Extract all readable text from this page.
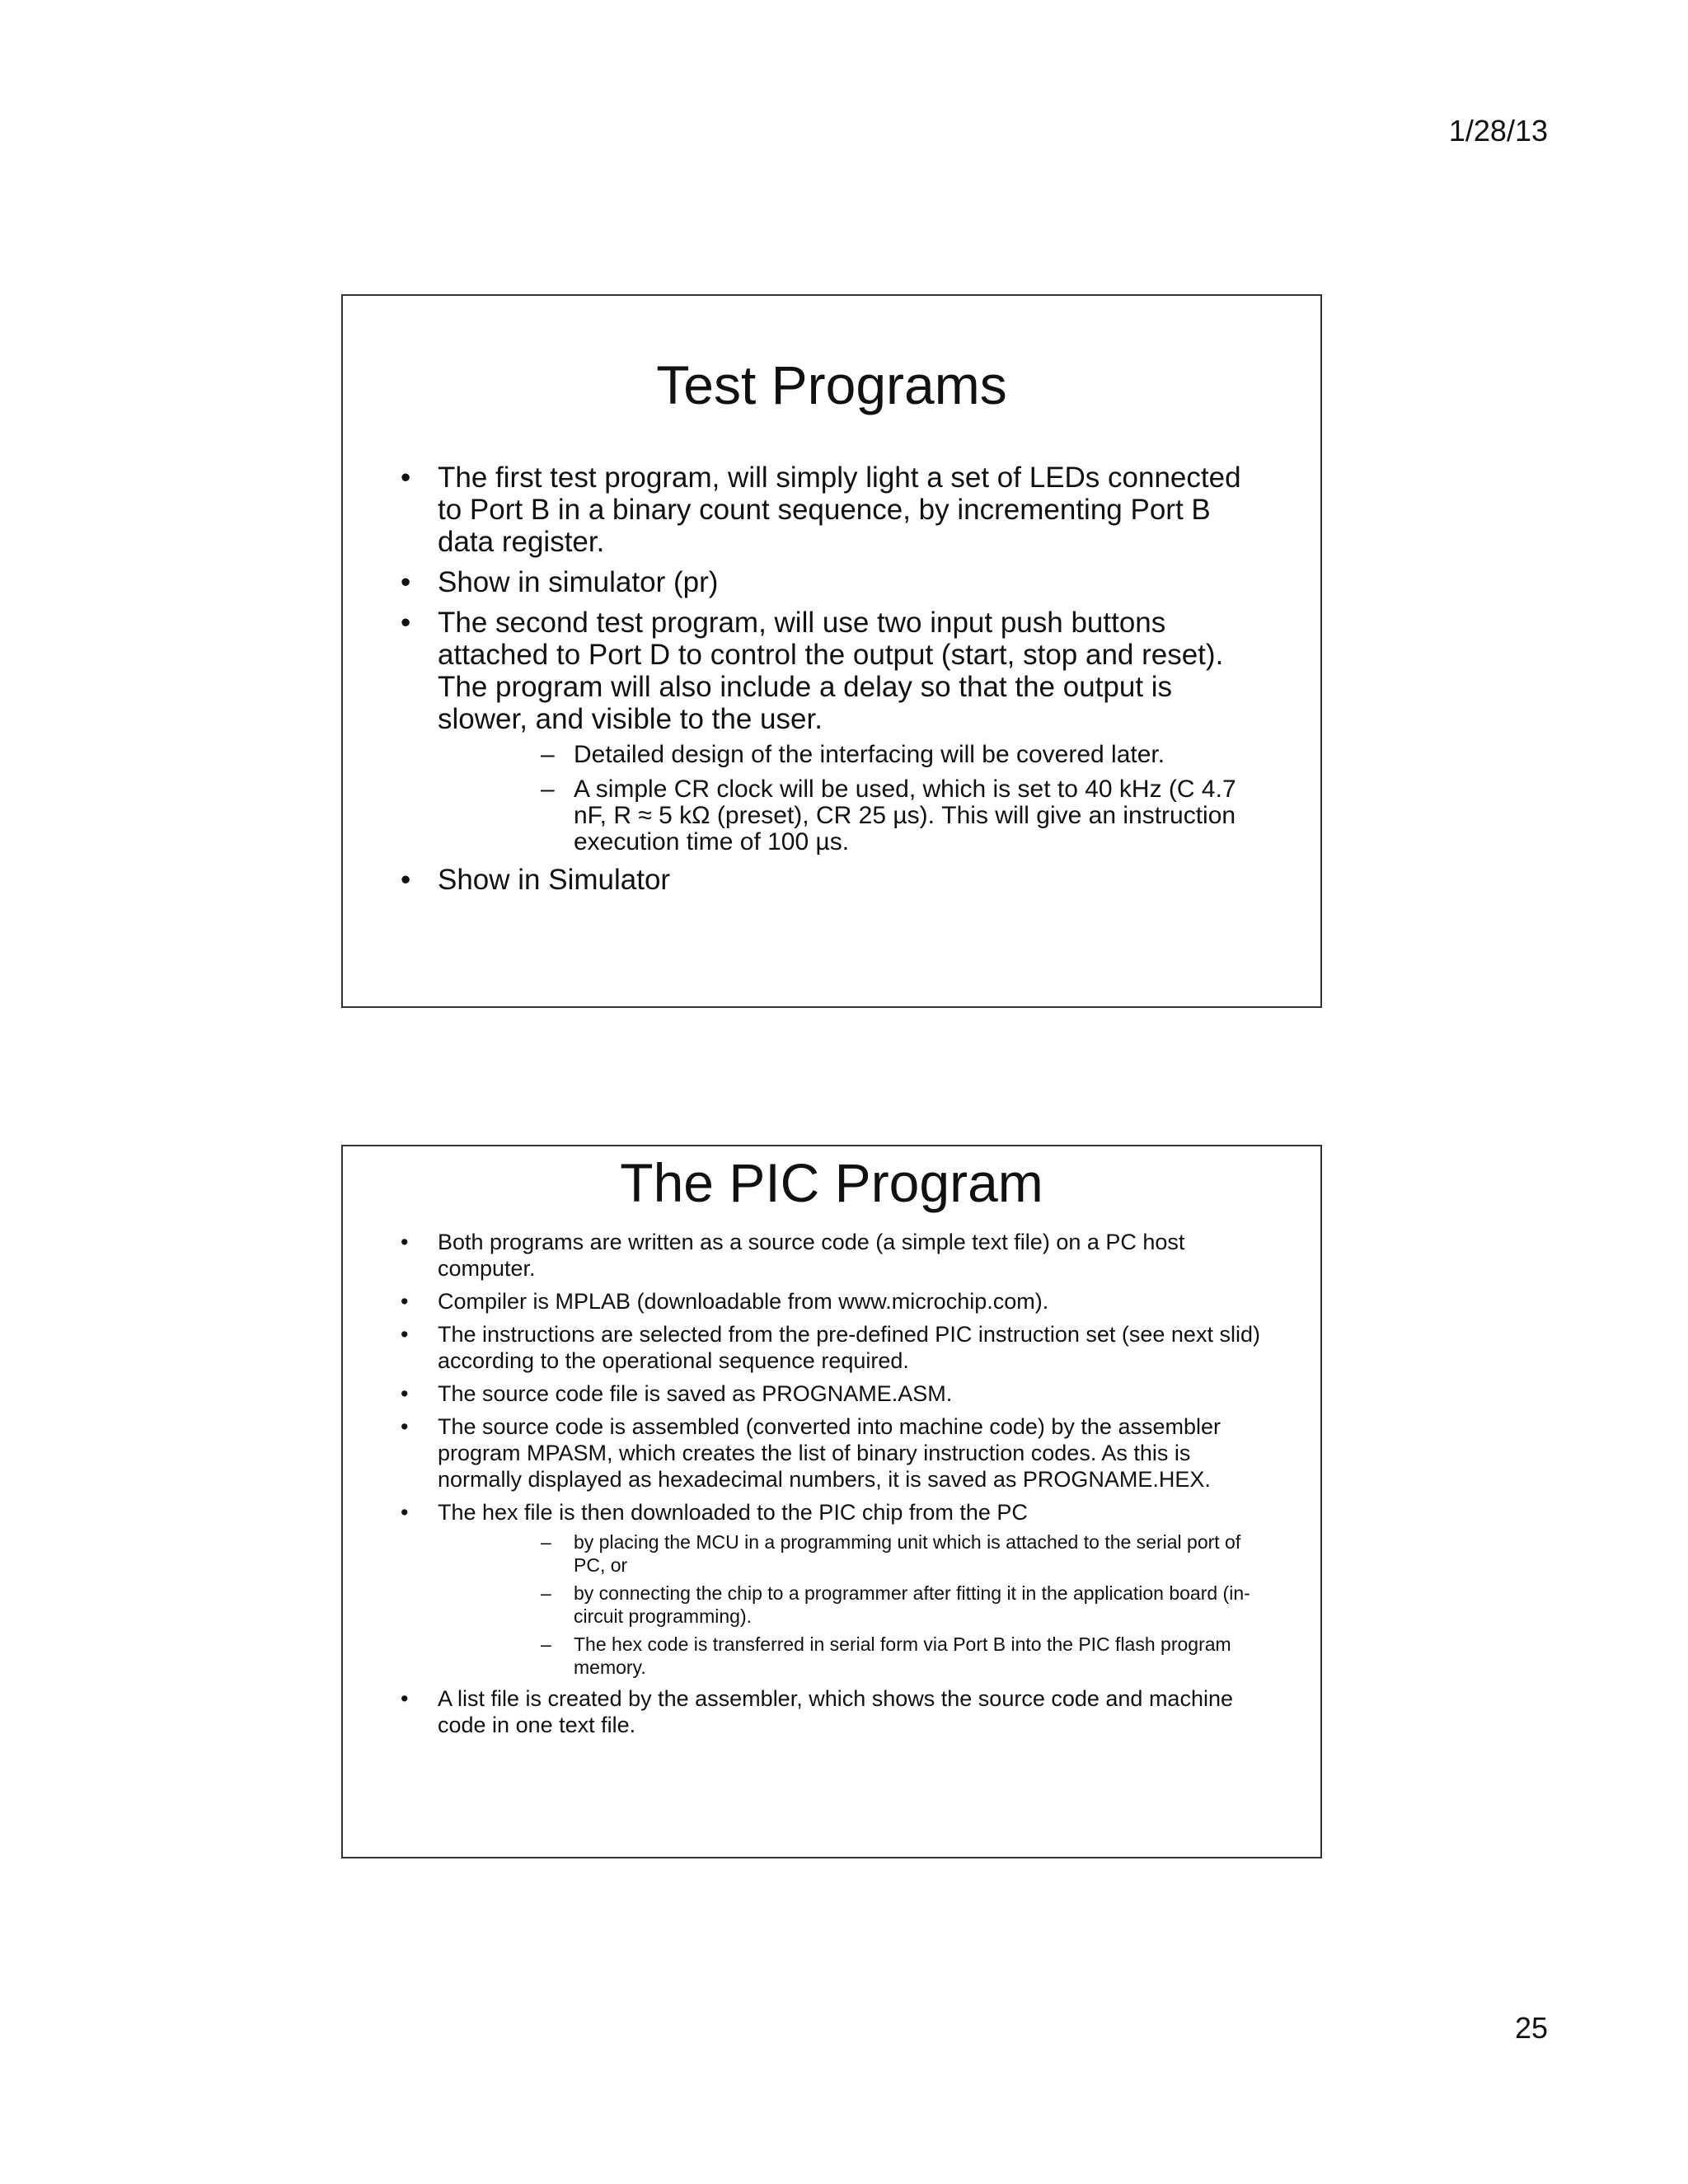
1/28/13
Test Programs
• The first test program, will simply light a set of LEDs connected to Port B in a binary count sequence, by incrementing Port B data register.
• Show in simulator (pr)
• The second test program, will use two input push buttons attached to Port D to control the output (start, stop and reset). The program will also include a delay so that the output is slower, and visible to the user.
– Detailed design of the interfacing will be covered later.
– A simple CR clock will be used, which is set to 40 kHz (C 4.7 nF, R ≈ 5 kΩ (preset), CR 25 µs). This will give an instruction execution time of 100 µs.
• Show in Simulator
The PIC Program
• Both programs are written as a source code (a simple text file) on a PC host computer.
• Compiler is MPLAB (downloadable from www.microchip.com).
• The instructions are selected from the pre-defined PIC instruction set (see next slid) according to the operational sequence required.
• The source code file is saved as PROGNAME.ASM.
• The source code is assembled (converted into machine code) by the assembler program MPASM, which creates the list of binary instruction codes. As this is normally displayed as hexadecimal numbers, it is saved as PROGNAME.HEX.
• The hex file is then downloaded to the PIC chip from the PC
– by placing the MCU in a programming unit which is attached to the serial port of PC, or
– by connecting the chip to a programmer after fitting it in the application board (in-circuit programming).
– The hex code is transferred in serial form via Port B into the PIC flash program memory.
• A list file is created by the assembler, which shows the source code and machine code in one text file.
25
